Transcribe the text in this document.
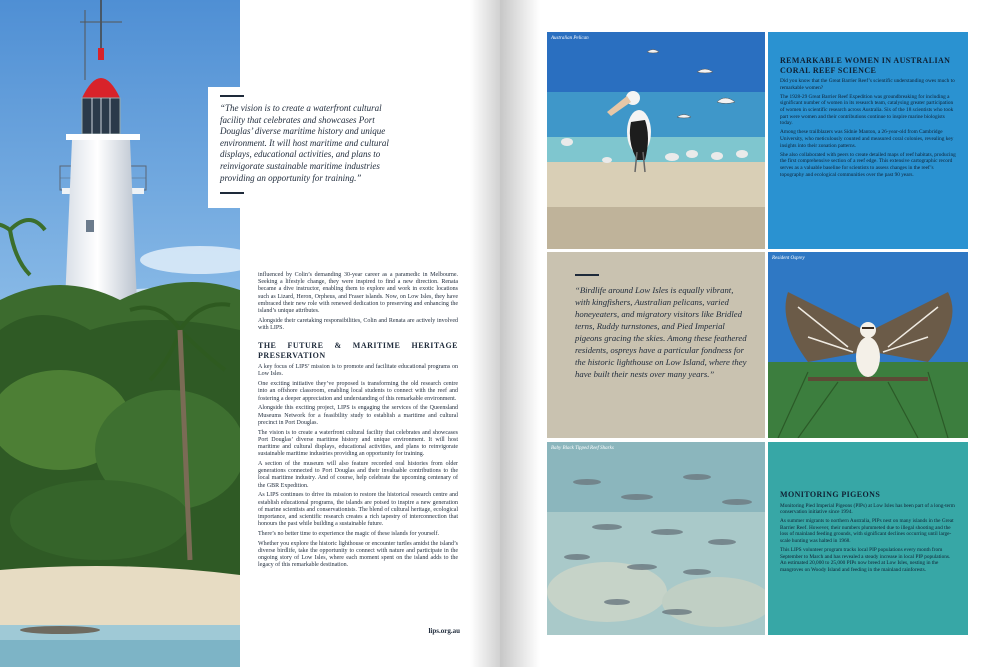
“The vision is to create a waterfront cultural facility that celebrates and showcases Port Douglas’ diverse maritime history and unique environment. It will host maritime and cultural displays, educational activities, and plans to reinvigorate sustainable maritime industries providing an opportunity for training.”

influenced by Colin’s demanding 30-year career as a paramedic in Melbourne. Seeking a lifestyle change, they were inspired to find a new direction. Renata became a dive instructor, enabling them to explore and work in exotic locations such as Lizard, Heron, Orpheus, and Fraser islands. Now, on Low Isles, they have embraced their new role with renewed dedication to preserving and enhancing the island’s unique attributes.

Alongside their caretaking responsibilities, Colin and Renata are actively involved with LIPS.

THE FUTURE & MARITIME HERITAGE PRESERVATION

A key focus of LIPS’ mission is to promote and facilitate educational programs on Low Isles.

One exciting initiative they’ve proposed is transforming the old research centre into an offshore classroom, enabling local students to connect with the reef and fostering a deeper appreciation and understanding of this remarkable environment.

Alongside this exciting project, LIPS is engaging the services of the Queensland Museums Network for a feasibility study to establish a maritime and cultural precinct in Port Douglas.

The vision is to create a waterfront cultural facility that celebrates and showcases Port Douglas’ diverse maritime history and unique environment. It will host maritime and cultural displays, educational activities, and plans to reinvigorate sustainable maritime industries providing an opportunity for training.

A section of the museum will also feature recorded oral histories from older generations connected to Port Douglas and their invaluable contributions to the local maritime industry. And of course, help celebrate the upcoming centenary of the GBR Expedition.

As LIPS continues to drive its mission to restore the historical research centre and establish educational programs, the islands are poised to inspire a new generation of marine scientists and conservationists. The blend of cultural heritage, ecological importance, and scientific research creates a rich tapestry of interconnection that honours the past while building a sustainable future.

There’s no better time to experience the magic of these islands for yourself.

Whether you explore the historic lighthouse or encounter turtles amidst the island’s diverse birdlife, take the opportunity to connect with nature and participate in the ongoing story of Low Isles, where each moment spent on the island adds to the legacy of this remarkable destination.

lips.org.au
Australian Pelican
REMARKABLE WOMEN IN AUSTRALIAN CORAL REEF SCIENCE

Did you know that the Great Barrier Reef’s scientific understanding owes much to remarkable women?

The 1928-29 Great Barrier Reef Expedition was groundbreaking for including a significant number of women in its research team, catalysing greater participation of women in scientific research across Australia. Six of the 18 scientists who took part were women and their contributions continue to inspire marine biologists today.

Among these trailblazers was Sidnie Manton, a 26-year-old from Cambridge University, who meticulously counted and measured coral colonies, revealing key insights into their zonation patterns.

She also collaborated with peers to create detailed maps of reef habitats, producing the first comprehensive section of a reef edge. This extensive cartographic record serves as a valuable baseline for scientists to assess changes in the reef’s topography and ecological communities over the past 90 years.

“Birdlife around Low Isles is equally vibrant, with kingfishers, Australian pelicans, varied honeyeaters, and migratory visitors like Bridled terns, Ruddy turnstones, and Pied Imperial pigeons gracing the skies. Among these feathered residents, ospreys have a particular fondness for the historic lighthouse on Low Island, where they have built their nests over many years.”

Resident Osprey
Baby Black Tipped Reef Sharks
MONITORING PIGEONS

Monitoring Pied Imperial Pigeons (PIPs) at Low Isles has been part of a long-term conservation initiative since 1994.

As summer migrants to northern Australia, PIPs nest on many islands in the Great Barrier Reef. However, their numbers plummeted due to illegal shooting and the loss of mainland feeding grounds, with significant declines occurring until large-scale hunting was halted in 1968.

This LIPS volunteer program tracks local PIP populations every month from September to March and has revealed a steady increase in local PIP populations. An estimated 20,000 to 25,000 PIPs now breed at Low Isles, nesting in the mangroves on Woody Island and feeding in the mainland rainforests.
